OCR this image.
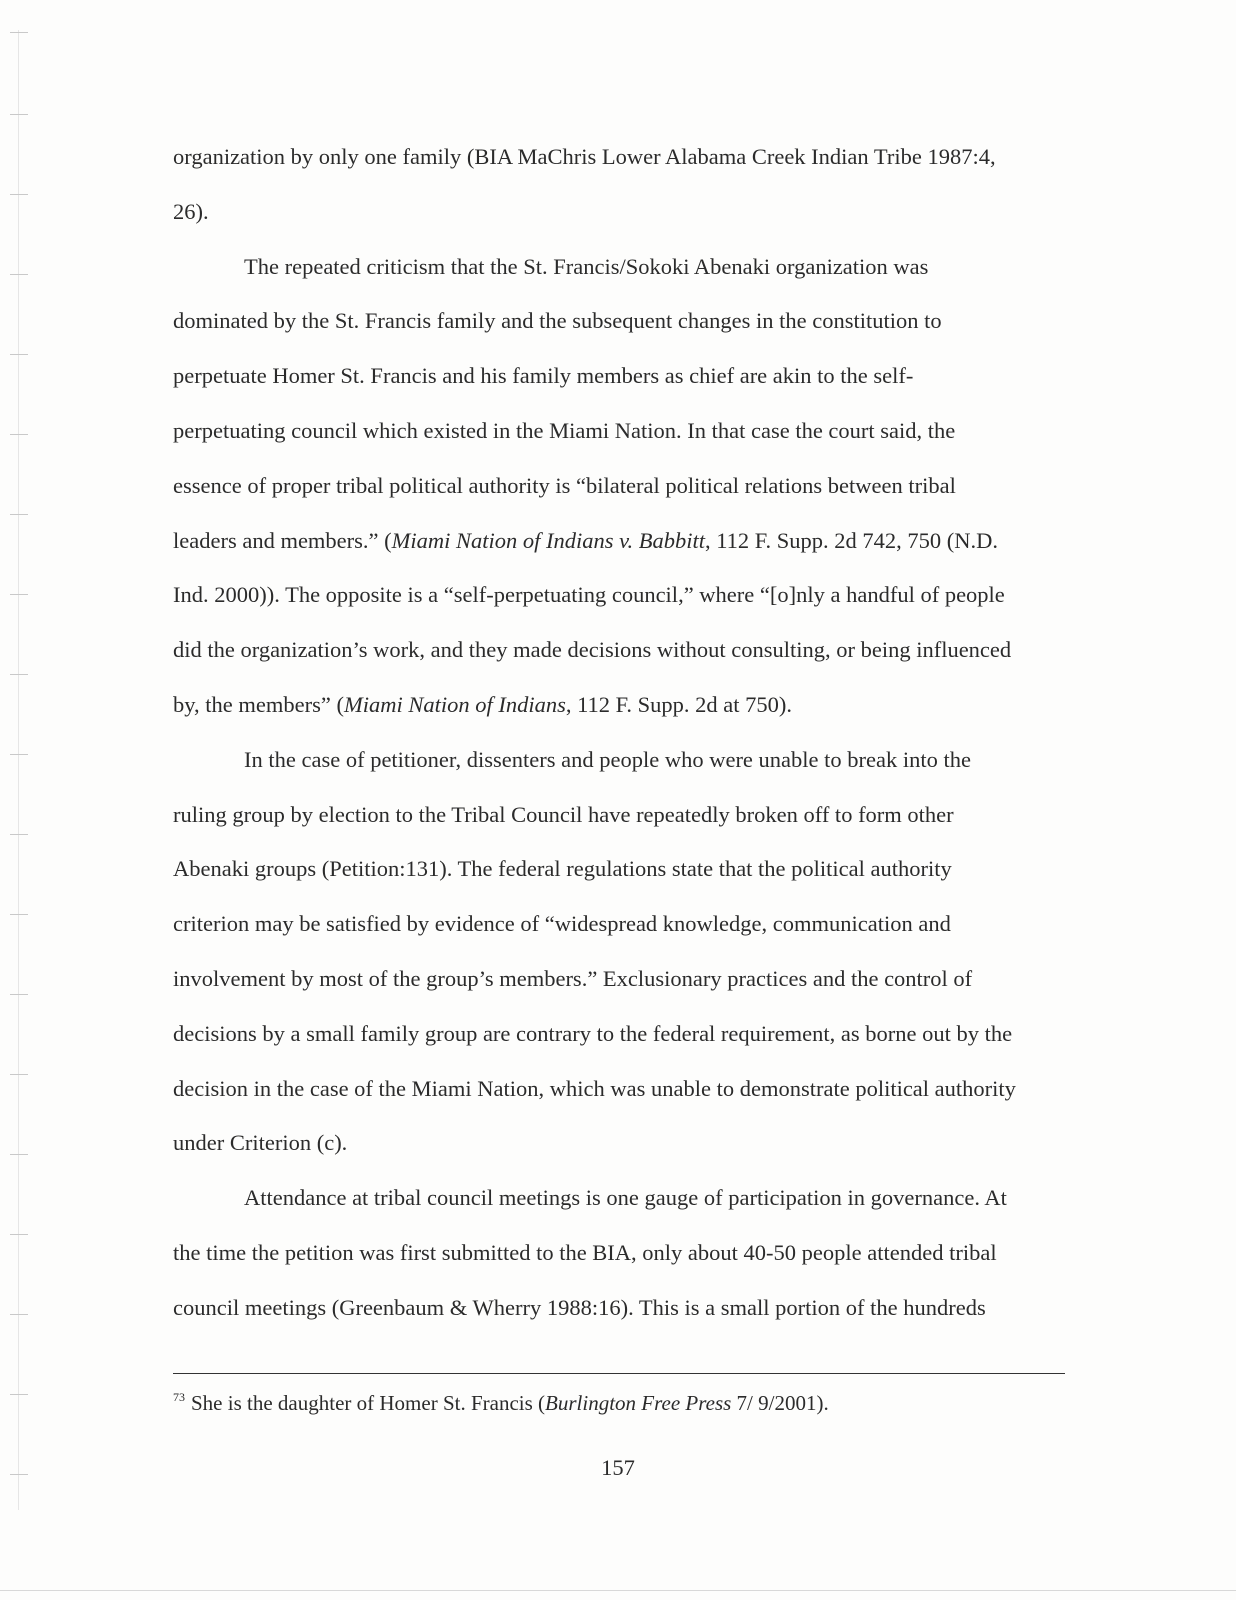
organization by only one family (BIA MaChris Lower Alabama Creek Indian Tribe 1987:4,
26).
The repeated criticism that the St. Francis/Sokoki Abenaki organization was
dominated by the St. Francis family and the subsequent changes in the constitution to
perpetuate Homer St. Francis and his family members as chief are akin to the self-
perpetuating council which existed in the Miami Nation. In that case the court said, the
essence of proper tribal political authority is “bilateral political relations between tribal
leaders and members.” (Miami Nation of Indians v. Babbitt, 112 F. Supp. 2d 742, 750 (N.D.
Ind. 2000)). The opposite is a “self-perpetuating council,” where “[o]nly a handful of people
did the organization’s work, and they made decisions without consulting, or being influenced
by, the members” (Miami Nation of Indians, 112 F. Supp. 2d at 750).
In the case of petitioner, dissenters and people who were unable to break into the
ruling group by election to the Tribal Council have repeatedly broken off to form other
Abenaki groups (Petition:131). The federal regulations state that the political authority
criterion may be satisfied by evidence of “widespread knowledge, communication and
involvement by most of the group’s members.” Exclusionary practices and the control of
decisions by a small family group are contrary to the federal requirement, as borne out by the
decision in the case of the Miami Nation, which was unable to demonstrate political authority
under Criterion (c).
Attendance at tribal council meetings is one gauge of participation in governance. At
the time the petition was first submitted to the BIA, only about 40-50 people attended tribal
council meetings (Greenbaum & Wherry 1988:16). This is a small portion of the hundreds
$^{73}$ She is the daughter of Homer St. Francis (Burlington Free Press 7/ 9/2001).
157
